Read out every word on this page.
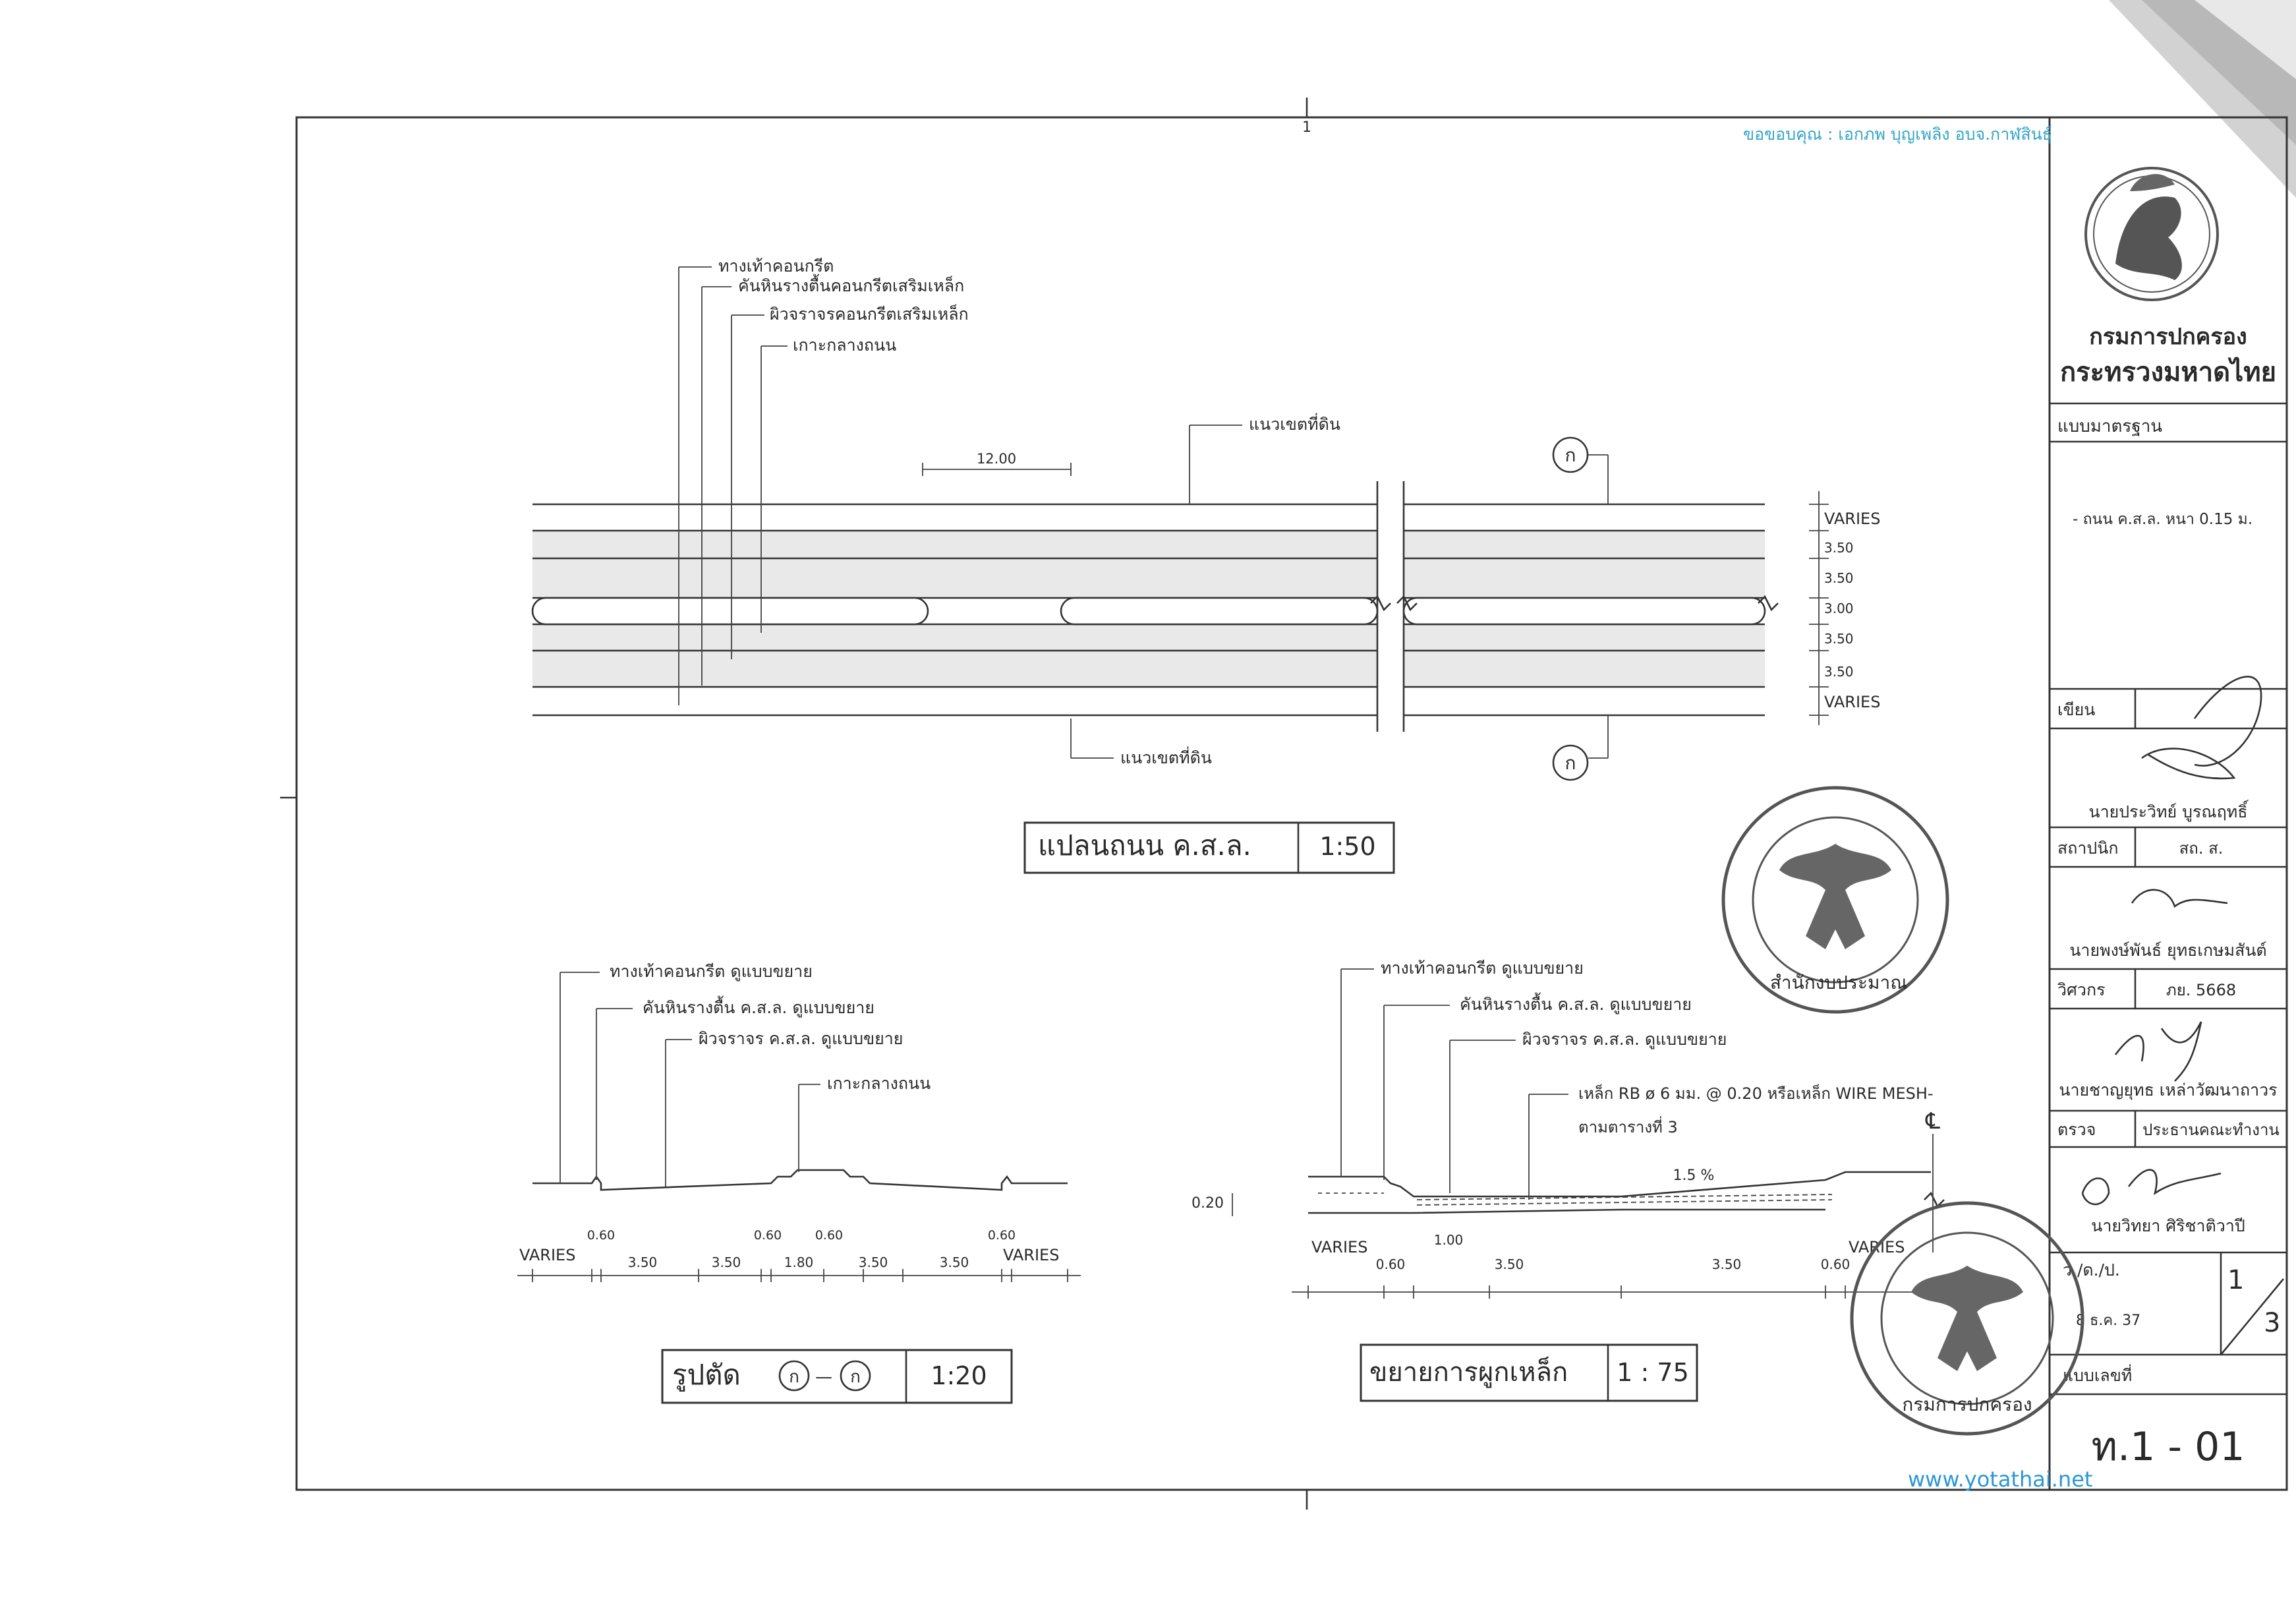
1	ขอขอบคุณ : เอกภพ บุญเพลิง อบจ.กาฬสินธุ์
ทางเท้าคอนกรีต
คันหินรางตื้นคอนกรีตเสริมเหล็ก
ผิวจราจรคอนกรีตเสริมเหล็ก
เกาะกลางถนน
แนวเขตที่ดิน
แนวเขตที่ดิน
12.00	ก
ก
VARIES
3.50
3.50
3.00
3.50
3.50
VARIES
แปลนถนน ค.ส.ล.	1:50
ทางเท้าคอนกรีต ดูแบบขยาย
คันหินรางตื้น ค.ส.ล. ดูแบบขยาย
ผิวจราจร ค.ส.ล. ดูแบบขยาย
เกาะกลางถนน
0.60	0.60	0.60	0.60
VARIES	3.50	3.50	1.80	3.50	3.50 VARIES
รูปตัด	ก — ก	1:20
ทางเท้าคอนกรีต ดูแบบขยาย
คันหินรางตื้น ค.ส.ล. ดูแบบขยาย
ผิวจราจร ค.ส.ล. ดูแบบขยาย
เหล็ก RB ø 6 มม. @ 0.20 หรือเหล็ก WIRE MESH-
ตามตารางที่ 3	℄
1.5 %
0.20
VARIES
0.60
1.00
3.50	3.50	0.60
VARIES
ขยายการผูกเหล็ก 1 : 75
กรมการปกครอง
กระทรวงมหาดไทย
แบบมาตรฐาน
- ถนน ค.ส.ล. หนา 0.15 ม.
เขียน
นายประวิทย์ บูรณฤทธิ์
สถาปนิก	สถ. ส.
นายพงษ์พันธ์ ยุทธเกษมสันต์
วิศวกร	ภย. 5668
นายชาญยุทธ เหล่าวัฒนาถาวร
ตรวจ	ประธานคณะทำงาน
นายวิทยา ศิริชาติวาปี
ว./ด./ป.
8 ธ.ค. 37
1
3
แบบเลขที่
ท.1 - 01
สำนักงบประมาณ
กรมการปกครอง
www.yotathai.net
